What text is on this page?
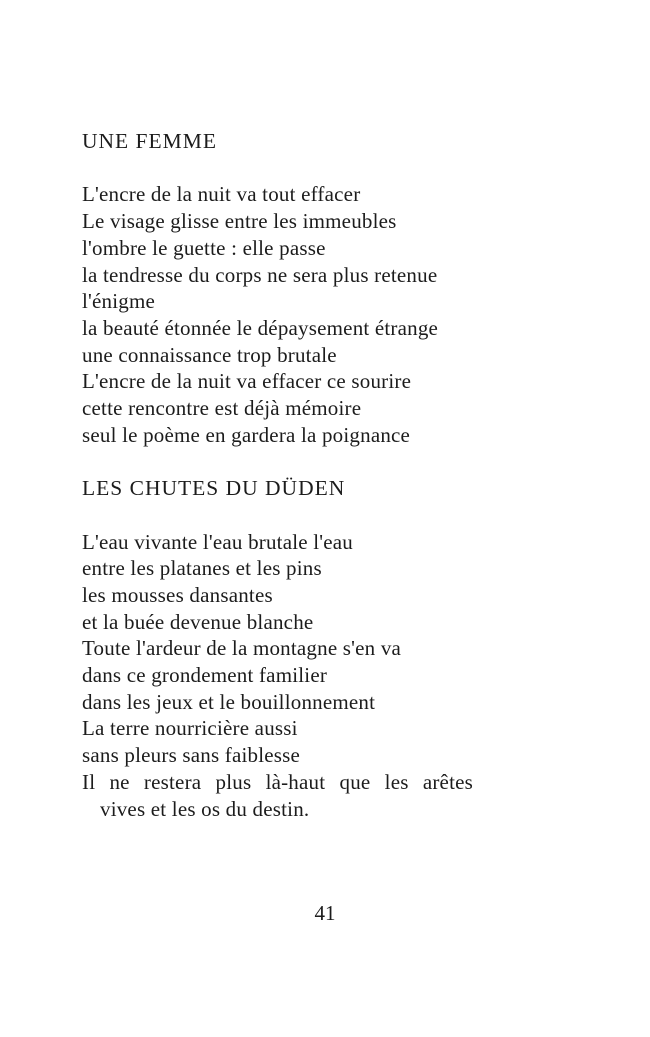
UNE FEMME
L'encre de la nuit va tout effacer
Le visage glisse entre les immeubles
l'ombre le guette : elle passe
la tendresse du corps ne sera plus retenue
l'énigme
la beauté étonnée le dépaysement étrange
une connaissance trop brutale
L'encre de la nuit va effacer ce sourire
cette rencontre est déjà mémoire
seul le poème en gardera la poignance
LES CHUTES DU DÜDEN
L'eau vivante l'eau brutale l'eau
entre les platanes et les pins
les mousses dansantes
et la buée devenue blanche
Toute l'ardeur de la montagne s'en va
dans ce grondement familier
dans les jeux et le bouillonnement
La terre nourricière aussi
sans pleurs sans faiblesse
Il ne restera plus là-haut que les arêtes
vives et les os du destin.
41
